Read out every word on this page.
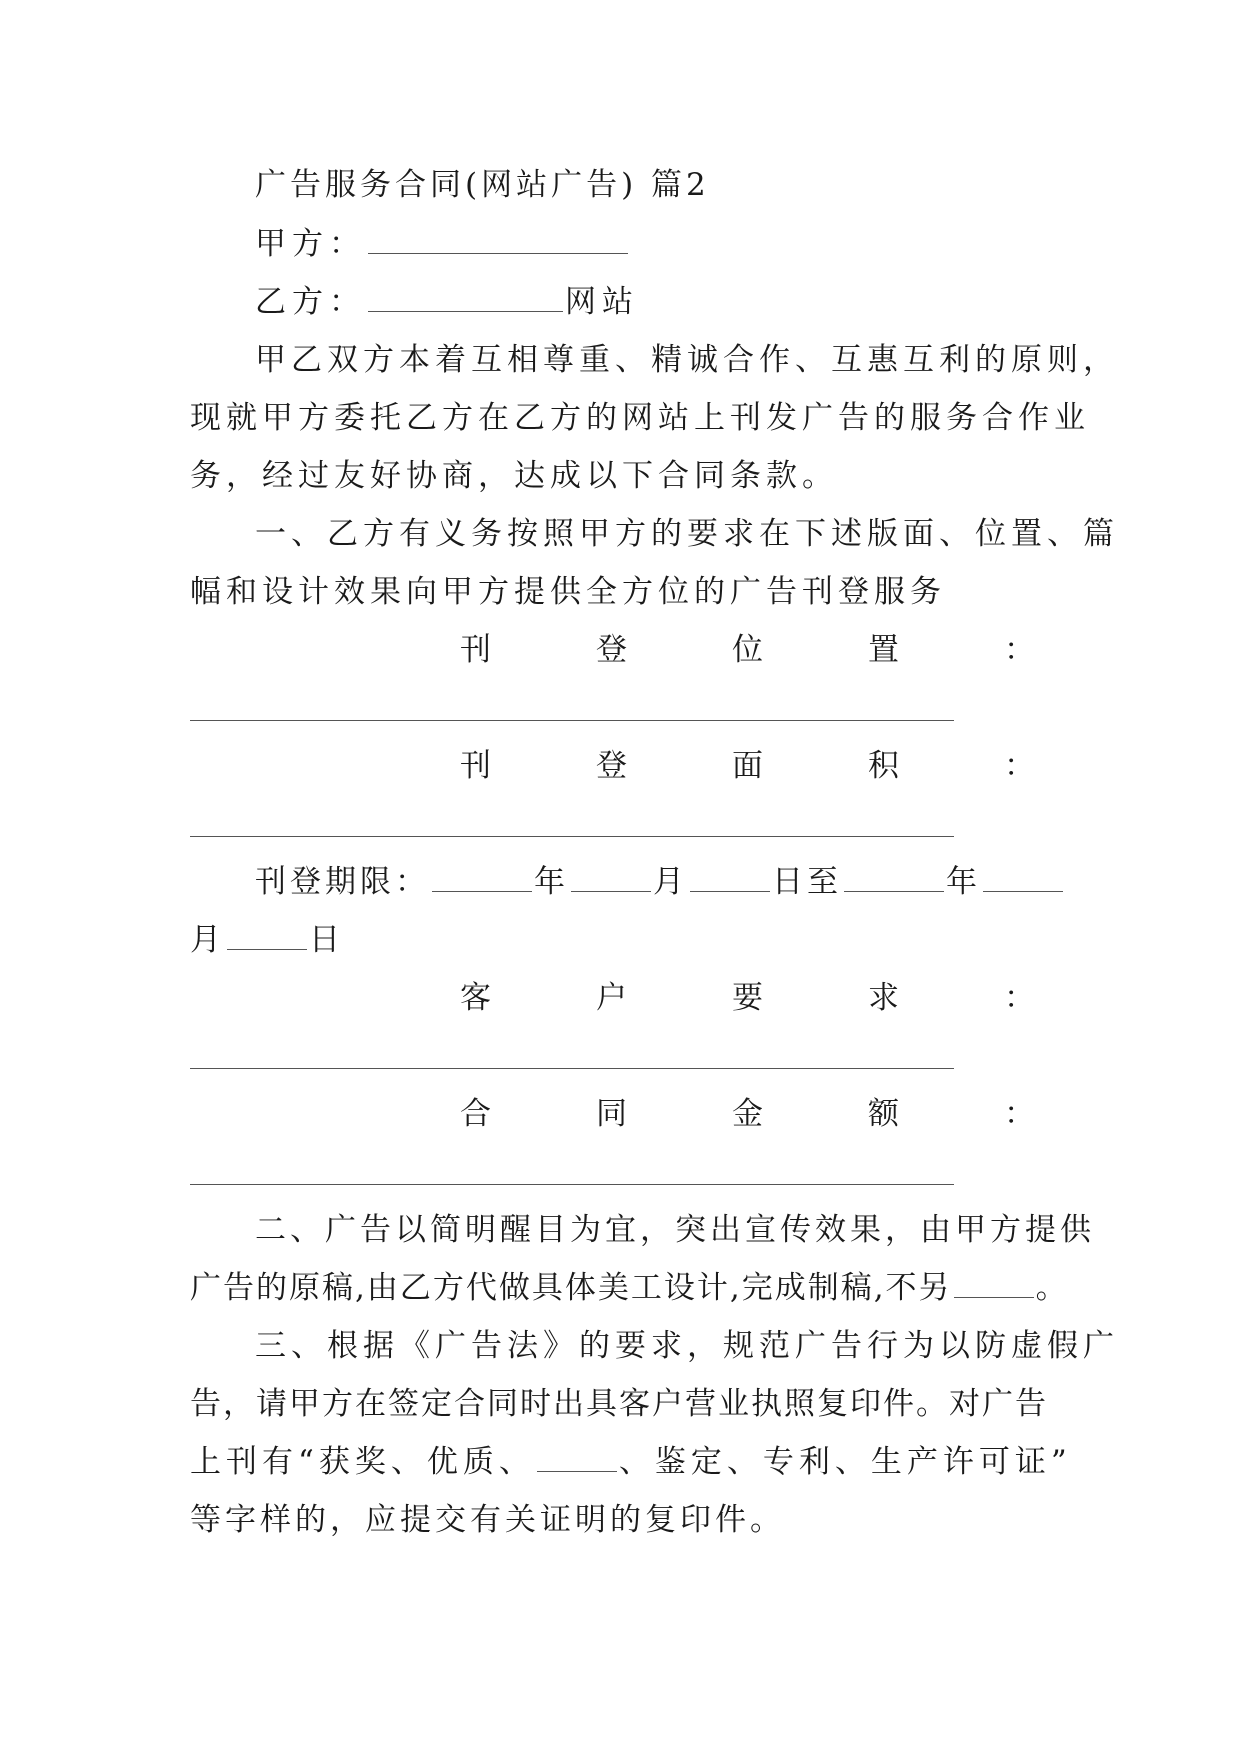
广告服务合同(网站广告) 篇2
甲方：
乙方：	网站
甲乙双方本着互相尊重、精诚合作、互惠互利的原则，
现就甲方委托乙方在乙方的网站上刊发广告的服务合作业
务，经过友好协商，达成以下合同条款。
一、乙方有义务按照甲方的要求在下述版面、位置、篇
幅和设计效果向甲方提供全方位的广告刊登服务
刊	登	位	置	：
刊	登	面	积	：
刊登期限：	年	月	日至	年
月	日
客	户	要	求	：
合	同	金	额	：
二、广告以简明醒目为宜，突出宣传效果，由甲方提供
广告的原稿,由乙方代做具体美工设计,完成制稿,不另	。
三、根据《广告法》的要求，规范广告行为以防虚假广
告，请甲方在签定合同时出具客户营业执照复印件。对广告
上刊有“获奖、优质、	、鉴定、专利、生产许可证”
等字样的，应提交有关证明的复印件。
